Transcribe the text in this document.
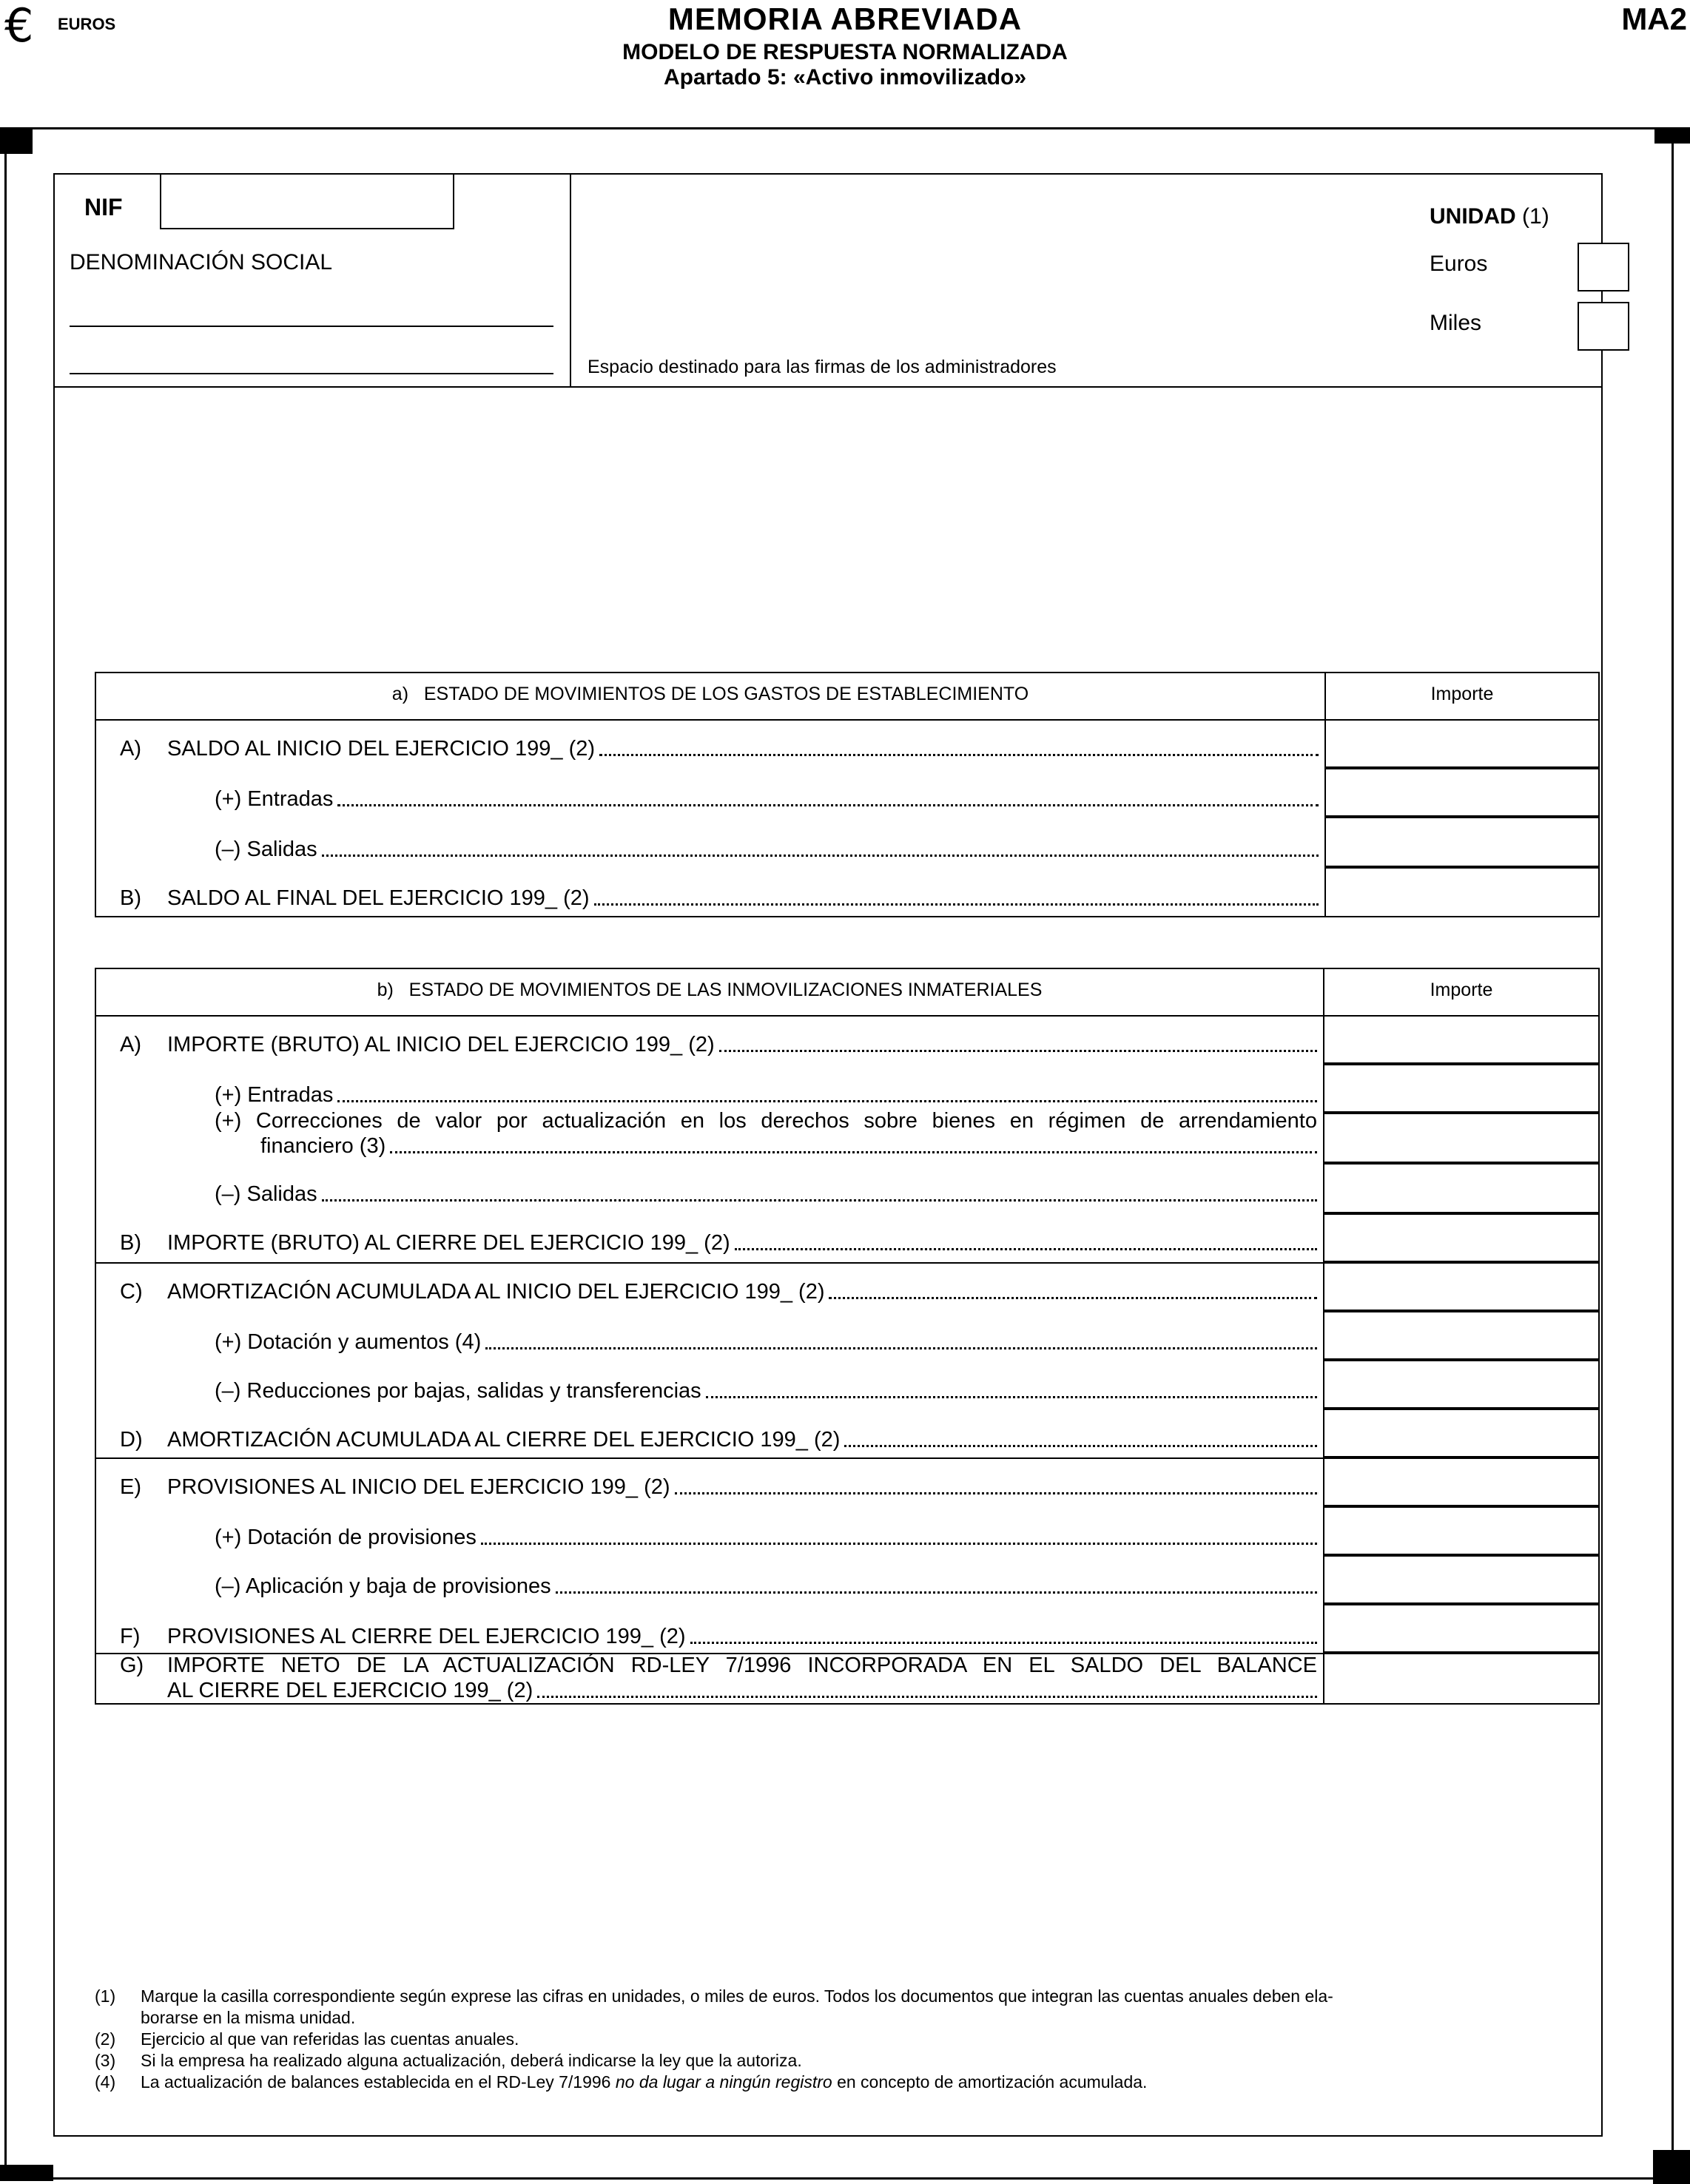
€ EUROS	MEMORIA ABREVIADA
MODELO DE RESPUESTA NORMALIZADA
Apartado 5: «Activo inmovilizado»
MA2
NIF
DENOMINACIÓN SOCIAL
Espacio destinado para las firmas de los administradores
UNIDAD (1)
Euros
Miles
a) ESTADO DE MOVIMIENTOS DE LOS GASTOS DE ESTABLECIMIENTO	Importe
A)	SALDO AL INICIO DEL EJERCICIO 199_ (2)
(+) Entradas
(–) Salidas
B)	SALDO AL FINAL DEL EJERCICIO 199_ (2)
b) ESTADO DE MOVIMIENTOS DE LAS INMOVILIZACIONES INMATERIALES	Importe
A)	IMPORTE (BRUTO) AL INICIO DEL EJERCICIO 199_ (2)
(+) Entradas
(+) Correcciones de valor por actualización en los derechos sobre bienes en régimen de arrendamiento
financiero (3)
(–) Salidas
B)	IMPORTE (BRUTO) AL CIERRE DEL EJERCICIO 199_ (2)
C)	AMORTIZACIÓN ACUMULADA AL INICIO DEL EJERCICIO 199_ (2)
(+) Dotación y aumentos (4)
(–) Reducciones por bajas, salidas y transferencias
D)	AMORTIZACIÓN ACUMULADA AL CIERRE DEL EJERCICIO 199_ (2)
E)	PROVISIONES AL INICIO DEL EJERCICIO 199_ (2)
(+) Dotación de provisiones
(–) Aplicación y baja de provisiones
F)	PROVISIONES AL CIERRE DEL EJERCICIO 199_ (2)
G) IMPORTE NETO DE LA ACTUALIZACIÓN RD-LEY 7/1996 INCORPORADA EN EL SALDO DEL BALANCE
AL CIERRE DEL EJERCICIO 199_ (2)
(1) Marque la casilla correspondiente según exprese las cifras en unidades, o miles de euros. Todos los documentos que integran las cuentas anuales deben ela-
borarse en la misma unidad.
(2) Ejercicio al que van referidas las cuentas anuales.
(3) Si la empresa ha realizado alguna actualización, deberá indicarse la ley que la autoriza.
(4) La actualización de balances establecida en el RD-Ley 7/1996 no da lugar a ningún registro en concepto de amortización acumulada.
